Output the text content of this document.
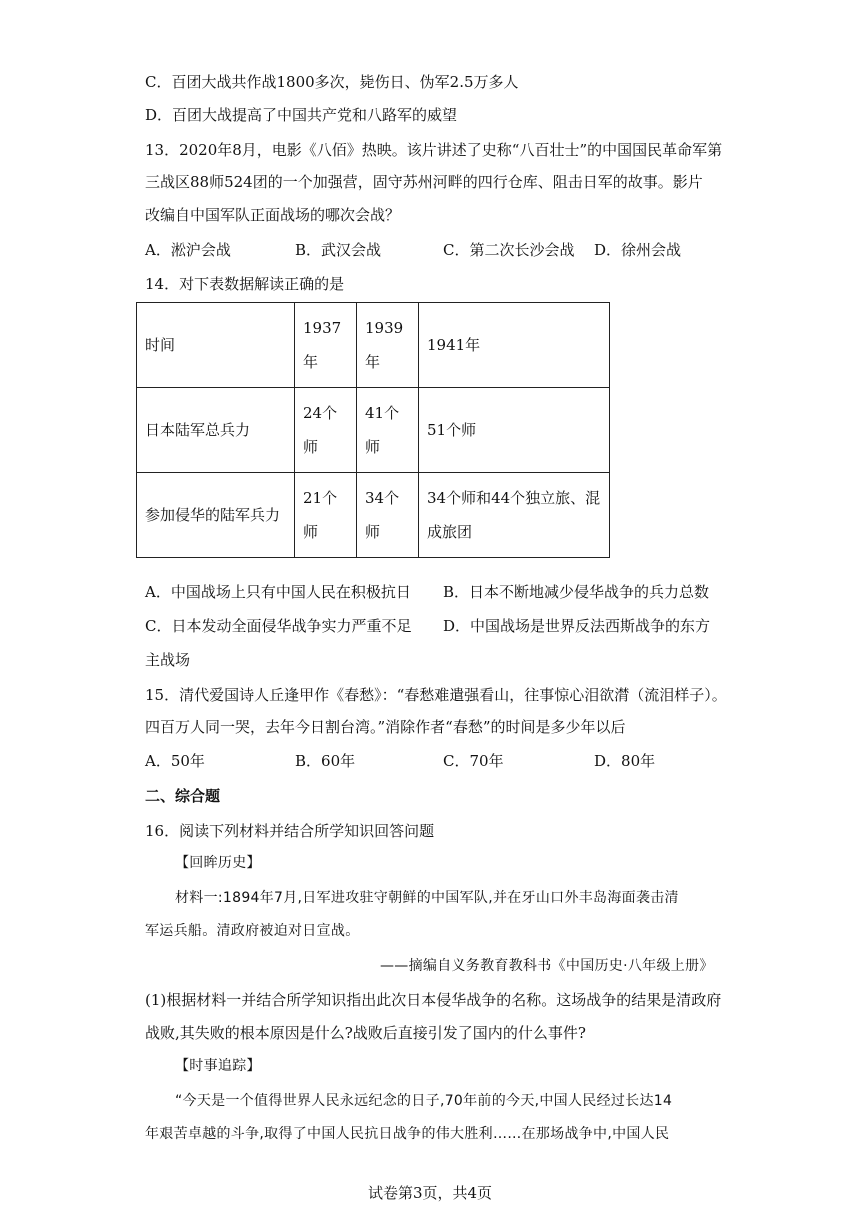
C．百团大战共作战1800多次，毙伤日、伪军2.5万多人
D．百团大战提高了中国共产党和八路军的威望
13．2020年8月，电影《八佰》热映。该片讲述了史称“八百壮士”的中国国民革命军第
三战区88师524团的一个加强营，固守苏州河畔的四行仓库、阻击日军的故事。影片
改编自中国军队正面战场的哪次会战？
A．淞沪会战	B．武汉会战	C．第二次长沙会战 D．徐州会战
14．对下表数据解读正确的是
时间	1937年	1939年	1941年
日本陆军总兵力	24个师	41个师	51个师
参加侵华的陆军兵力	21个师	34个师	34个师和44个独立旅、混成旅团
A．中国战场上只有中国人民在积极抗日 B．日本不断地减少侵华战争的兵力总数
C．日本发动全面侵华战争实力严重不足 D．中国战场是世界反法西斯战争的东方
主战场
15．清代爱国诗人丘逢甲作《春愁》：“春愁难遣强看山，往事惊心泪欲潸（流泪样子）。
四百万人同一哭，去年今日割台湾。”消除作者“春愁”的时间是多少年以后
A．50年	B．60年	C．70年	D．80年
二、综合题
16．阅读下列材料并结合所学知识回答问题
【回眸历史】
材料一:1894年7月,日军进攻驻守朝鲜的中国军队,并在牙山口外丰岛海面袭击清
军运兵船。清政府被迫对日宣战。
——摘编自义务教育教科书《中国历史·八年级上册》
(1)根据材料一并结合所学知识指出此次日本侵华战争的名称。这场战争的结果是清政府
战败,其失败的根本原因是什么?战败后直接引发了国内的什么事件?
【时事追踪】
“今天是一个值得世界人民永远纪念的日子,70年前的今天,中国人民经过长达14
年艰苦卓越的斗争,取得了中国人民抗日战争的伟大胜利……在那场战争中,中国人民
试卷第3页，共4页
